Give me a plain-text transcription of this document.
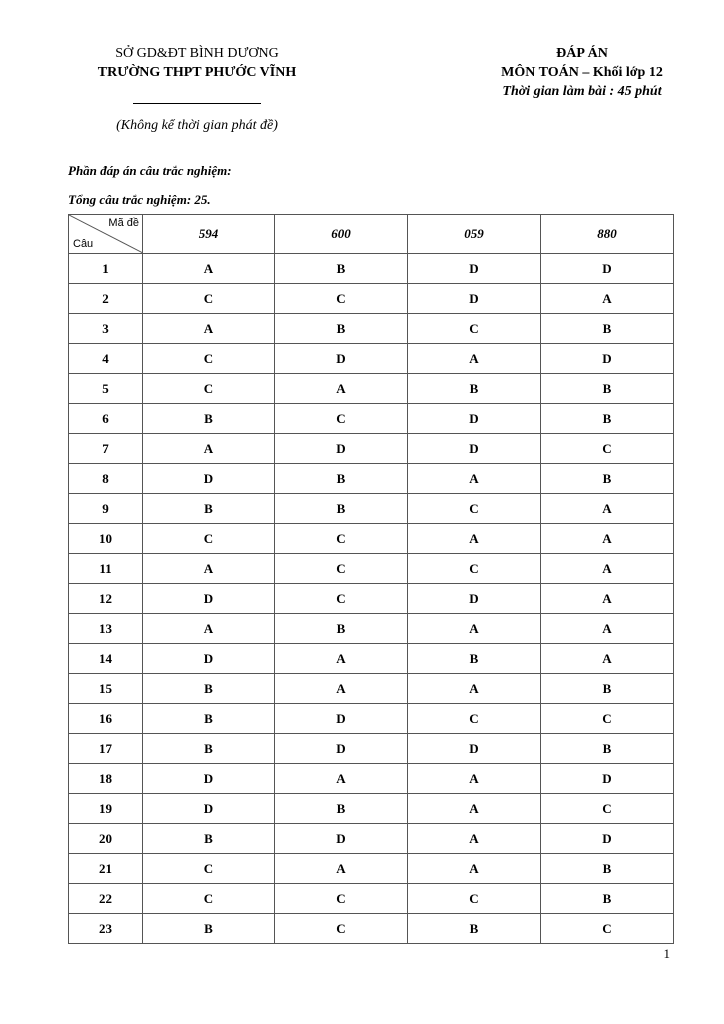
SỞ GD&ĐT BÌNH DƯƠNG
TRƯỜNG THPT PHƯỚC VĨNH
(Không kể thời gian phát đề)
ĐÁP ÁN
MÔN TOÁN – Khối lớp 12
Thời gian làm bài : 45 phút
Phần đáp án câu trắc nghiệm:
Tổng câu trắc nghiệm: 25.
Mã đề
Câu	594	600	059	880
1	A	B	D	D
2	C	C	D	A
3	A	B	C	B
4	C	D	A	D
5	C	A	B	B
6	B	C	D	B
7	A	D	D	C
8	D	B	A	B
9	B	B	C	A
10	C	C	A	A
11	A	C	C	A
12	D	C	D	A
13	A	B	A	A
14	D	A	B	A
15	B	A	A	B
16	B	D	C	C
17	B	D	D	B
18	D	A	A	D
19	D	B	A	C
20	B	D	A	D
21	C	A	A	B
22	C	C	C	B
23	B	C	B	C
1
